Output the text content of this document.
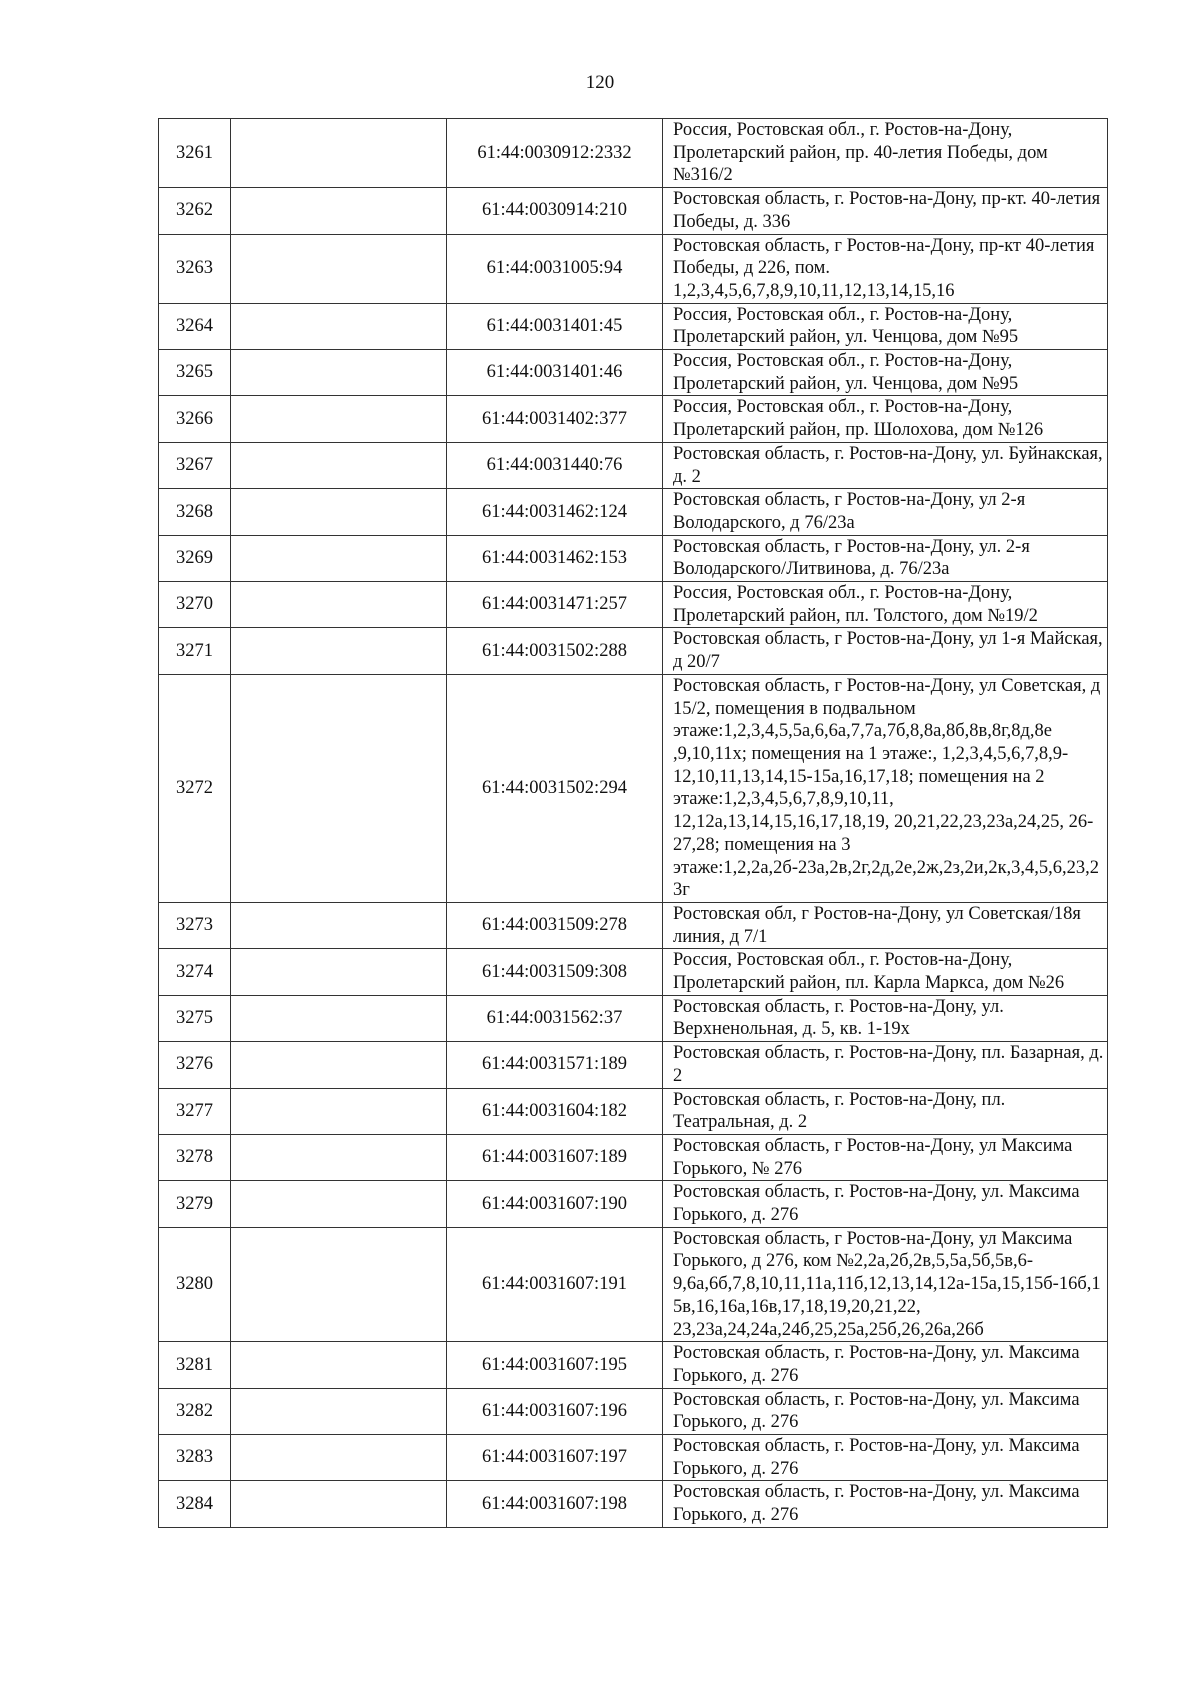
120
3261		61:44:0030912:2332	Россия, Ростовская обл., г. Ростов-на-Дону, Пролетарский район, пр. 40-летия Победы, дом №316/2
3262		61:44:0030914:210	Ростовская область, г. Ростов-на-Дону, пр-кт. 40-летия Победы, д. 336
3263		61:44:0031005:94	Ростовская область, г Ростов-на-Дону, пр-кт 40-летия Победы, д 226, пом. 1,2,3,4,5,6,7,8,9,10,11,12,13,14,15,16
3264		61:44:0031401:45	Россия, Ростовская обл., г. Ростов-на-Дону, Пролетарский район, ул. Ченцова, дом №95
3265		61:44:0031401:46	Россия, Ростовская обл., г. Ростов-на-Дону, Пролетарский район, ул. Ченцова, дом №95
3266		61:44:0031402:377	Россия, Ростовская обл., г. Ростов-на-Дону, Пролетарский район, пр. Шолохова, дом №126
3267		61:44:0031440:76	Ростовская область, г. Ростов-на-Дону, ул. Буйнакская, д. 2
3268		61:44:0031462:124	Ростовская область, г Ростов-на-Дону, ул 2-я Володарского, д 76/23а
3269		61:44:0031462:153	Ростовская область, г Ростов-на-Дону, ул. 2-я Володарского/Литвинова, д. 76/23а
3270		61:44:0031471:257	Россия, Ростовская обл., г. Ростов-на-Дону, Пролетарский район, пл. Толстого, дом №19/2
3271		61:44:0031502:288	Ростовская область, г Ростов-на-Дону, ул 1-я Майская, д 20/7
3272		61:44:0031502:294	Ростовская область, г Ростов-на-Дону, ул Советская, д 15/2, помещения в подвальном этаже:1,2,3,4,5,5а,6,6а,7,7а,7б,8,8а,8б,8в,8г,8д,8е ,9,10,11х; помещения на 1 этаже:, 1,2,3,4,5,6,7,8,9-12,10,11,13,14,15-15а,16,17,18; помещения на 2 этаже:1,2,3,4,5,6,7,8,9,10,11, 12,12а,13,14,15,16,17,18,19, 20,21,22,23,23а,24,25, 26-27,28; помещения на 3 этаже:1,2,2а,2б-23а,2в,2г,2д,2е,2ж,2з,2и,2к,3,4,5,6,23,23г
3273		61:44:0031509:278	Ростовская обл, г Ростов-на-Дону, ул Советская/18я линия, д 7/1
3274		61:44:0031509:308	Россия, Ростовская обл., г. Ростов-на-Дону, Пролетарский район, пл. Карла Маркса, дом №26
3275		61:44:0031562:37	Ростовская область, г. Ростов-на-Дону, ул. Верхненольная, д. 5, кв. 1-19х
3276		61:44:0031571:189	Ростовская область, г. Ростов-на-Дону, пл. Базарная, д. 2
3277		61:44:0031604:182	Ростовская область, г. Ростов-на-Дону, пл. Театральная, д. 2
3278		61:44:0031607:189	Ростовская область, г Ростов-на-Дону, ул Максима Горького, № 276
3279		61:44:0031607:190	Ростовская область, г. Ростов-на-Дону, ул. Максима Горького, д. 276
3280		61:44:0031607:191	Ростовская область, г Ростов-на-Дону, ул Максима Горького, д 276, ком №2,2а,2б,2в,5,5а,5б,5в,6-9,6а,6б,7,8,10,11,11а,11б,12,13,14,12а-15а,15,15б-16б,15в,16,16а,16в,17,18,19,20,21,22, 23,23а,24,24а,24б,25,25а,25б,26,26а,26б
3281		61:44:0031607:195	Ростовская область, г. Ростов-на-Дону, ул. Максима Горького, д. 276
3282		61:44:0031607:196	Ростовская область, г. Ростов-на-Дону, ул. Максима Горького, д. 276
3283		61:44:0031607:197	Ростовская область, г. Ростов-на-Дону, ул. Максима Горького, д. 276
3284		61:44:0031607:198	Ростовская область, г. Ростов-на-Дону, ул. Максима Горького, д. 276
